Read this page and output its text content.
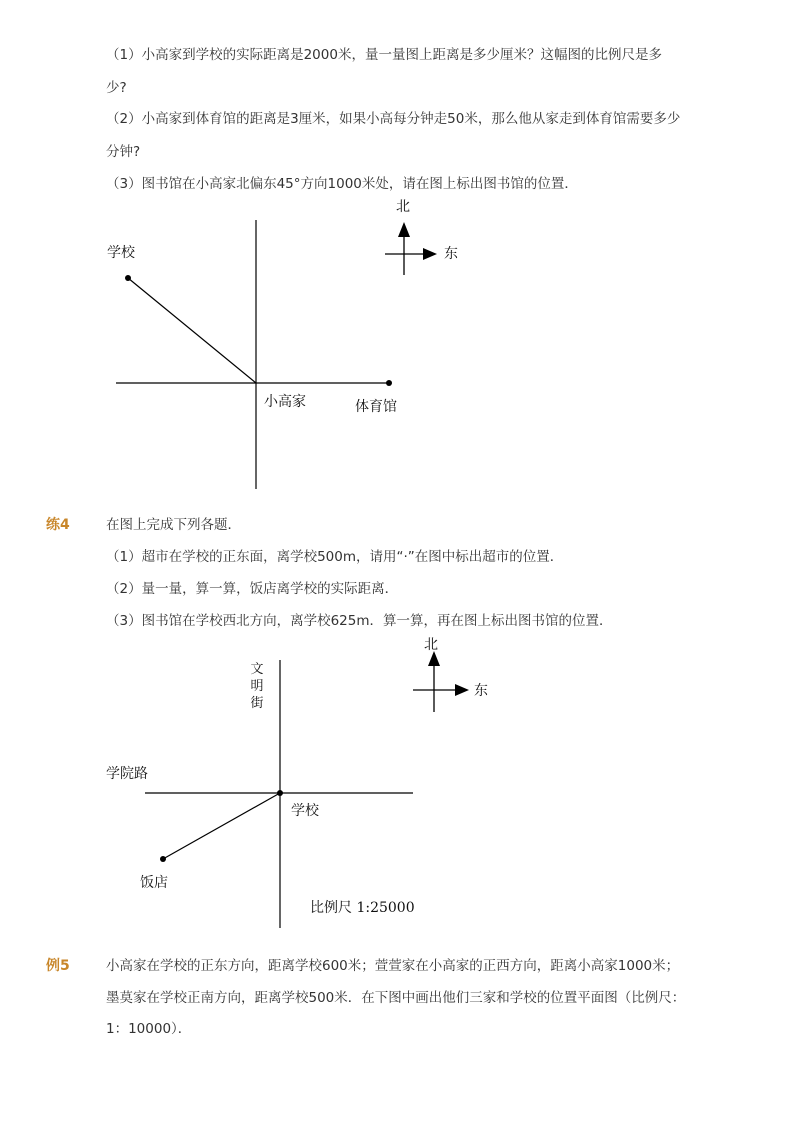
（1）小高家到学校的实际距离是2000米，量一量图上距离是多少厘米？这幅图的比例尺是多
少?
（2）小高家到体育馆的距离是3厘米，如果小高每分钟走50米，那么他从家走到体育馆需要多少
分钟?
（3）图书馆在小高家北偏东45°方向1000米处，请在图上标出图书馆的位置．
北
东
学校
小高家	体育馆
练4	在图上完成下列各题．
（1）超市在学校的正东面，离学校500m，请用“·”在图中标出超市的位置．
（2）量一量，算一算，饭店离学校的实际距离．
（3）图书馆在学校西北方向，离学校625m．算一算，再在图上标出图书馆的位置．
北
东
文
明
街
学院路
学校
饭店
比例尺 1:25000
例5	小高家在学校的正东方向，距离学校600米；萱萱家在小高家的正西方向，距离小高家1000米；
墨莫家在学校正南方向，距离学校500米．在下图中画出他们三家和学校的位置平面图（比例尺：
1：10000）．
